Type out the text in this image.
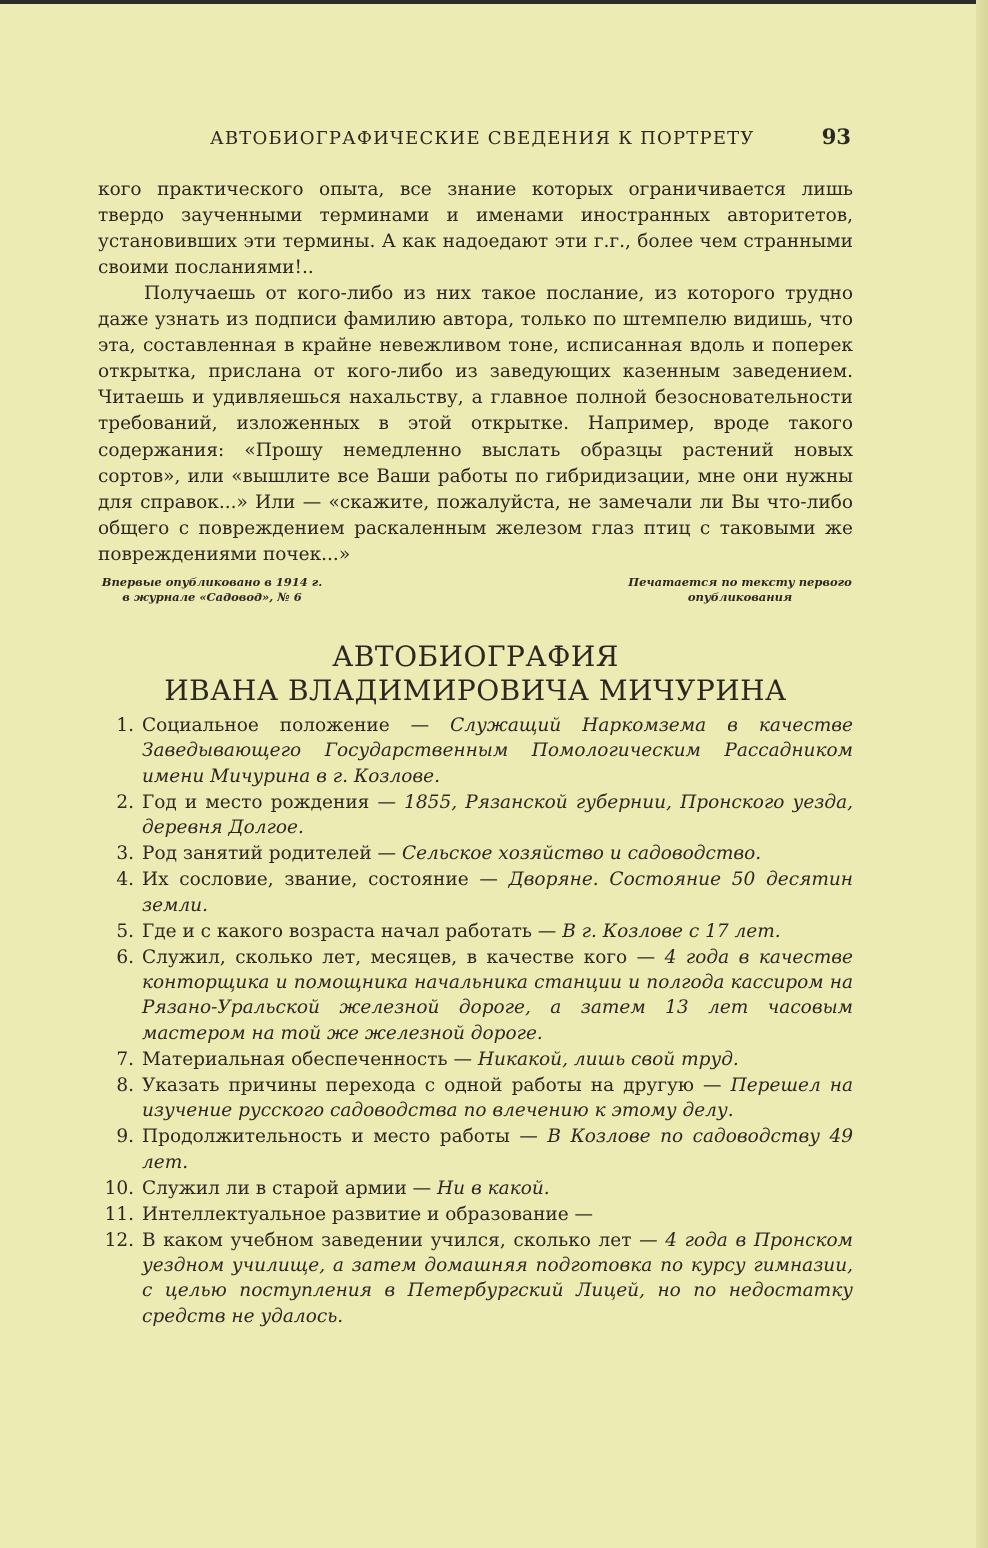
АВТОБИОГРАФИЧЕСКИЕ СВЕДЕНИЯ К ПОРТРЕТУ	93

кого практического опыта, все знание которых ограничивается лишь твердо заученными терминами и именами иностранных авторитетов, установивших эти термины. А как надоедают эти г.г., более чем странными своими посланиями!..

Получаешь от кого-либо из них такое послание, из которого трудно даже узнать из подписи фамилию автора, только по штемпелю видишь, что эта, составленная в крайне невежливом тоне, исписанная вдоль и поперек открытка, прислана от кого-либо из заведующих казенным заведением. Читаешь и удивляешься нахальству, а главное полной безосновательности требований, изложенных в этой открытке. Например, вроде такого содержания: «Прошу немедленно выслать образцы растений новых сортов», или «вышлите все Ваши работы по гибридизации, мне они нужны для справок...» Или — «скажите, пожалуйста, не замечали ли Вы что-либо общего с повреждением раскаленным железом глаз птиц с таковыми же повреждениями почек...»

Впервые опубликовано в 1914 г.
в журнале «Садовод», № 6
Печатается по тексту первого
опубликования
АВТОБИОГРАФИЯ
ИВАНА ВЛАДИМИРОВИЧА МИЧУРИНА
1. Социальное положение — Служащий Наркомзема в качестве Заведывающего Государственным Помологическим Рассадником имени Мичурина в г. Козлове.
2. Год и место рождения — 1855, Рязанской губернии, Пронского уезда, деревня Долгое.
3. Род занятий родителей — Сельское хозяйство и садоводство.
4. Их сословие, звание, состояние — Дворяне. Состояние 50 десятин земли.
5. Где и с какого возраста начал работать — В г. Козлове с 17 лет.
6. Служил, сколько лет, месяцев, в качестве кого — 4 года в качестве конторщика и помощника начальника станции и полгода кассиром на Рязано-Уральской железной дороге, а затем 13 лет часовым мастером на той же железной дороге.
7. Материальная обеспеченность — Никакой, лишь свой труд.
8. Указать причины перехода с одной работы на другую — Перешел на изучение русского садоводства по влечению к этому делу.
9. Продолжительность и место работы — В Козлове по садоводству 49 лет.
10. Служил ли в старой армии — Ни в какой.
11. Интеллектуальное развитие и образование —
12. В каком учебном заведении учился, сколько лет — 4 года в Пронском уездном училище, а затем домашняя подготовка по курсу гимназии, с целью поступления в Петербургский Лицей, но по недостатку средств не удалось.
